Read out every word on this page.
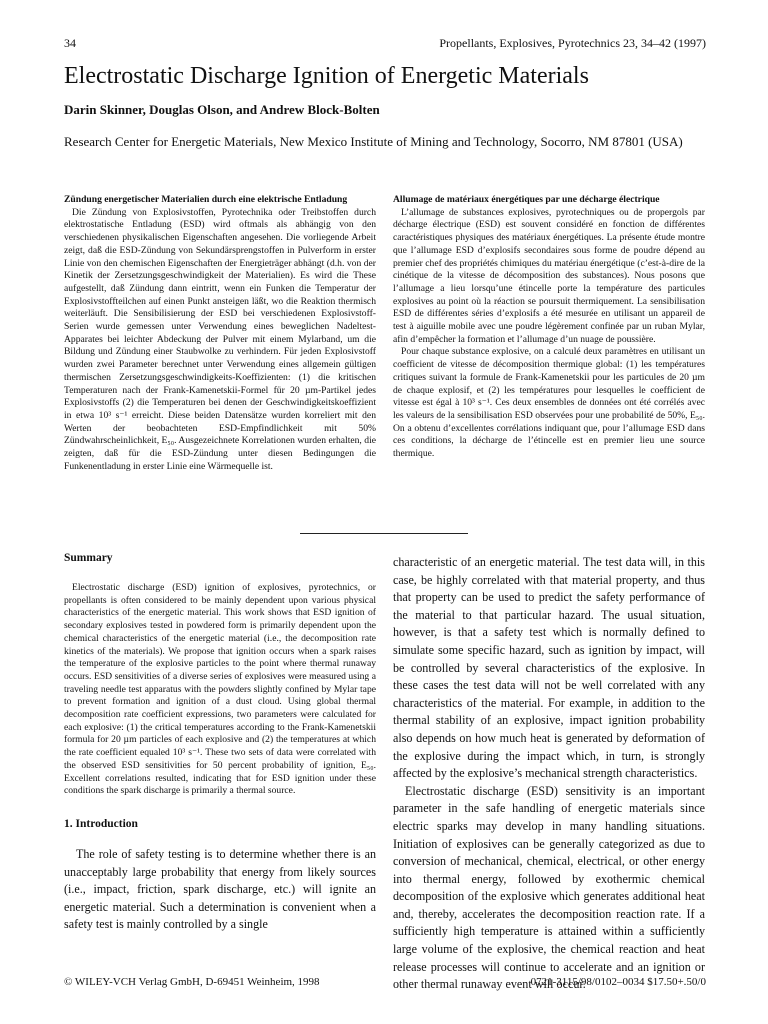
34	Propellants, Explosives, Pyrotechnics 23, 34–42 (1997)
Electrostatic Discharge Ignition of Energetic Materials
Darin Skinner, Douglas Olson, and Andrew Block-Bolten
Research Center for Energetic Materials, New Mexico Institute of Mining and Technology, Socorro, NM 87801 (USA)

Zündung energetischer Materialien durch eine elektrische Entladung

Die Zündung von Explosivstoffen, Pyrotechnika oder Treibstoffen durch elektrostatische Entladung (ESD) wird oftmals als abhängig von den verschiedenen physikalischen Eigenschaften angesehen. Die vorliegende Arbeit zeigt, daß die ESD-Zündung von Sekundärsprengstoffen in Pulverform in erster Linie von den chemischen Eigenschaften der Energieträger abhängt (d.h. von der Kinetik der Zersetzungsgeschwindigkeit der Materialien). Es wird die These aufgestellt, daß Zündung dann eintritt, wenn ein Funken die Temperatur der Explosivstoffteilchen auf einen Punkt ansteigen läßt, wo die Reaktion thermisch weiterläuft. Die Sensibilisierung der ESD bei verschiedenen Explosivstoff-Serien wurde gemessen unter Verwendung eines beweglichen Nadeltest-Apparates bei leichter Abdeckung der Pulver mit einem Mylarband, um die Bildung und Zündung einer Staubwolke zu verhindern. Für jeden Explosivstoff wurden zwei Parameter berechnet unter Verwendung eines allgemein gültigen thermischen Zersetzungsgeschwindigkeits-Koeffizienten: (1) die kritischen Temperaturen nach der Frank-Kamenetskii-Formel für 20 µm-Partikel jedes Explosivstoffs (2) die Temperaturen bei denen der Geschwindigkeitskoeffizient in etwa 10³ s⁻¹ erreicht. Diese beiden Datensätze wurden korreliert mit den Werten der beobachteten ESD-Empfindlichkeit mit 50% Zündwahrscheinlichkeit, E₅₀. Ausgezeichnete Korrelationen wurden erhalten, die zeigten, daß für die ESD-Zündung unter diesen Bedingungen die Funkenentladung in erster Linie eine Wärmequelle ist.

Allumage de matériaux énergétiques par une décharge électrique

L’allumage de substances explosives, pyrotechniques ou de propergols par décharge électrique (ESD) est souvent considéré en fonction de différentes caractéristiques physiques des matériaux énergétiques. La présente étude montre que l’allumage ESD d’explosifs secondaires sous forme de poudre dépend au premier chef des propriétés chimiques du matériau énergétique (c’est-à-dire de la cinétique de la vitesse de décomposition des substances). Nous posons que l’allumage a lieu lorsqu’une étincelle porte la température des particules explosives au point où la réaction se poursuit thermiquement. La sensibilisation ESD de différentes séries d’explosifs a été mesurée en utilisant un appareil de test à aiguille mobile avec une poudre légèrement confinée par un ruban Mylar, afin d’empêcher la formation et l’allumage d’un nuage de poussière.

Pour chaque substance explosive, on a calculé deux paramètres en utilisant un coefficient de vitesse de décomposition thermique global: (1) les températures critiques suivant la formule de Frank-Kamenetskii pour les particules de 20 µm de chaque explosif, et (2) les températures pour lesquelles le coefficient de vitesse est égal à 10³ s⁻¹. Ces deux ensembles de données ont été corrélés avec les valeurs de la sensibilisation ESD observées pour une probabilité de 50%, E₅₀. On a obtenu d’excellentes corrélations indiquant que, pour l’allumage ESD dans ces conditions, la décharge de l’étincelle est en premier lieu une source thermique.

Summary

Electrostatic discharge (ESD) ignition of explosives, pyrotechnics, or propellants is often considered to be mainly dependent upon various physical characteristics of the energetic material. This work shows that ESD ignition of secondary explosives tested in powdered form is primarily dependent upon the chemical characteristics of the energetic material (i.e., the decomposition rate kinetics of the materials). We propose that ignition occurs when a spark raises the temperature of the explosive particles to the point where thermal runaway occurs. ESD sensitivities of a diverse series of explosives were measured using a traveling needle test apparatus with the powders slightly confined by Mylar tape to prevent formation and ignition of a dust cloud. Using global thermal decomposition rate coefficient expressions, two parameters were calculated for each explosive: (1) the critical temperatures according to the Frank-Kamenetskii formula for 20 µm particles of each explosive and (2) the temperatures at which the rate coefficient equaled 10³ s⁻¹. These two sets of data were correlated with the observed ESD sensitivities for 50 percent probability of ignition, E₅₀. Excellent correlations resulted, indicating that for ESD ignition under these conditions the spark discharge is primarily a thermal source.

1. Introduction

The role of safety testing is to determine whether there is an unacceptably large probability that energy from likely sources (i.e., impact, friction, spark discharge, etc.) will ignite an energetic material. Such a determination is convenient when a safety test is mainly controlled by a single

characteristic of an energetic material. The test data will, in this case, be highly correlated with that material property, and thus that property can be used to predict the safety performance of the material to that particular hazard. The usual situation, however, is that a safety test which is normally defined to simulate some specific hazard, such as ignition by impact, will be controlled by several characteristics of the explosive. In these cases the test data will not be well correlated with any characteristics of the material. For example, in addition to the thermal stability of an explosive, impact ignition probability also depends on how much heat is generated by deformation of the explosive during the impact which, in turn, is strongly affected by the explosive’s mechanical strength characteristics.

Electrostatic discharge (ESD) sensitivity is an important parameter in the safe handling of energetic materials since electric sparks may develop in many handling situations. Initiation of explosives can be generally categorized as due to conversion of mechanical, chemical, electrical, or other energy into thermal energy, followed by exothermic chemical decomposition of the explosive which generates additional heat and, thereby, accelerates the decomposition reaction rate. If a sufficiently high temperature is attained within a sufficiently large volume of the explosive, the chemical reaction and heat release processes will continue to accelerate and an ignition or other thermal runaway event will occur.

© WILEY-VCH Verlag GmbH, D-69451 Weinheim, 1998	0721-3115/98/0102–0034 $17.50+.50/0
